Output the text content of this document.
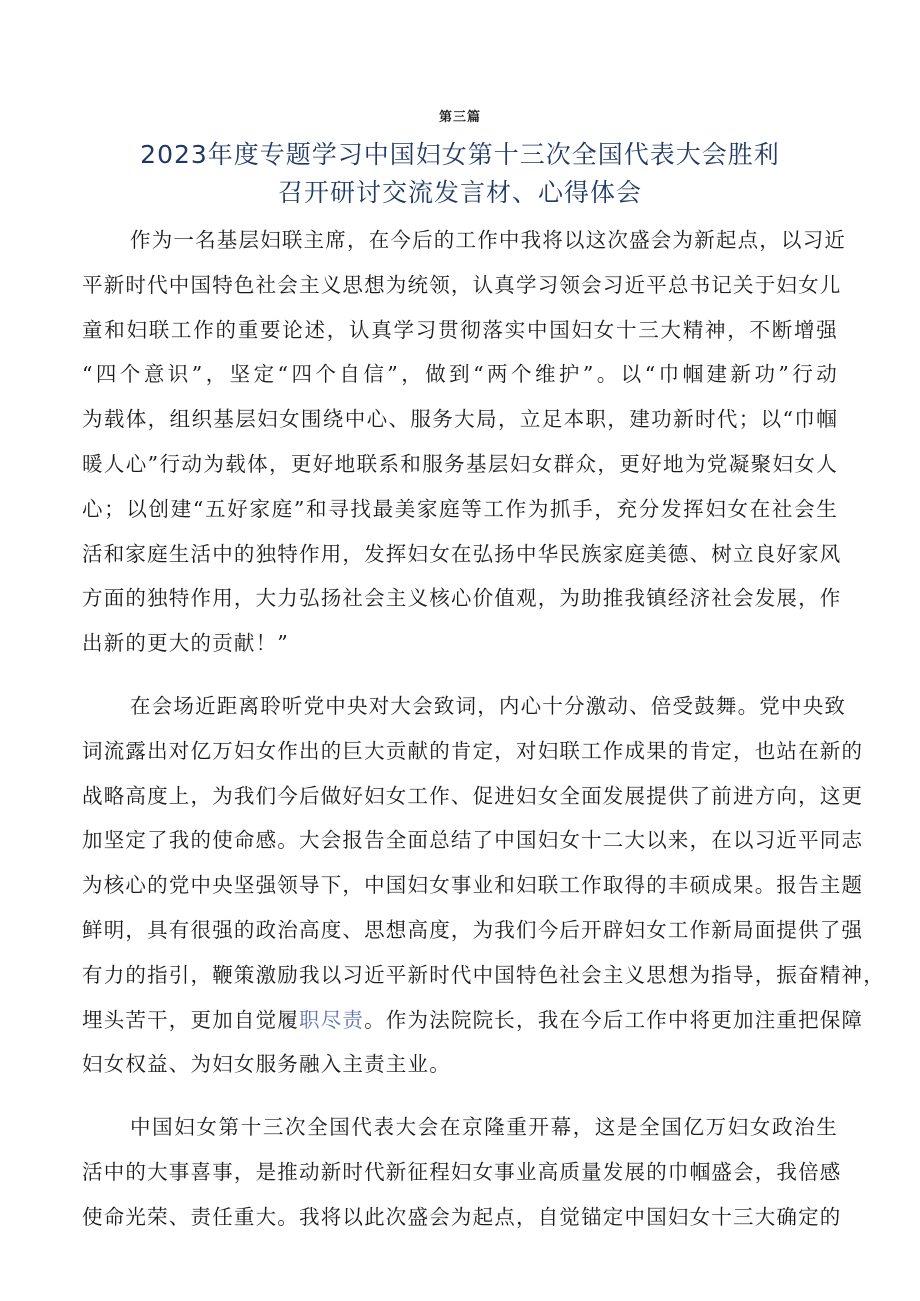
第三篇
2023年度专题学习中国妇女第十三次全国代表大会胜利
召开研讨交流发言材、心得体会

作为一名基层妇联主席，在今后的工作中我将以这次盛会为新起点，以习近
平新时代中国特色社会主义思想为统领，认真学习领会习近平总书记关于妇女儿
童和妇联工作的重要论述，认真学习贯彻落实中国妇女十三大精神，不断增强
“四个意识”，坚定“四个自信”，做到“两个维护”。以“巾帼建新功”行动
为载体，组织基层妇女围绕中心、服务大局，立足本职，建功新时代；以“巾帼
暖人心”行动为载体，更好地联系和服务基层妇女群众，更好地为党凝聚妇女人
心；以创建“五好家庭”和寻找最美家庭等工作为抓手，充分发挥妇女在社会生
活和家庭生活中的独特作用，发挥妇女在弘扬中华民族家庭美德、树立良好家风
方面的独特作用，大力弘扬社会主义核心价值观，为助推我镇经济社会发展，作
出新的更大的贡献！”

在会场近距离聆听党中央对大会致词，内心十分激动、倍受鼓舞。党中央致
词流露出对亿万妇女作出的巨大贡献的肯定，对妇联工作成果的肯定，也站在新的
战略高度上，为我们今后做好妇女工作、促进妇女全面发展提供了前进方向，这更
加坚定了我的使命感。大会报告全面总结了中国妇女十二大以来，在以习近平同志
为核心的党中央坚强领导下，中国妇女事业和妇联工作取得的丰硕成果。报告主题
鲜明，具有很强的政治高度、思想高度，为我们今后开辟妇女工作新局面提供了强
有力的指引，鞭策激励我以习近平新时代中国特色社会主义思想为指导，振奋精神，
埋头苦干，更加自觉履职尽责。作为法院院长，我在今后工作中将更加注重把保障
妇女权益、为妇女服务融入主责主业。

中国妇女第十三次全国代表大会在京隆重开幕，这是全国亿万妇女政治生
活中的大事喜事，是推动新时代新征程妇女事业高质量发展的巾帼盛会，我倍感
使命光荣、责任重大。我将以此次盛会为起点，自觉锚定中国妇女十三大确定的
